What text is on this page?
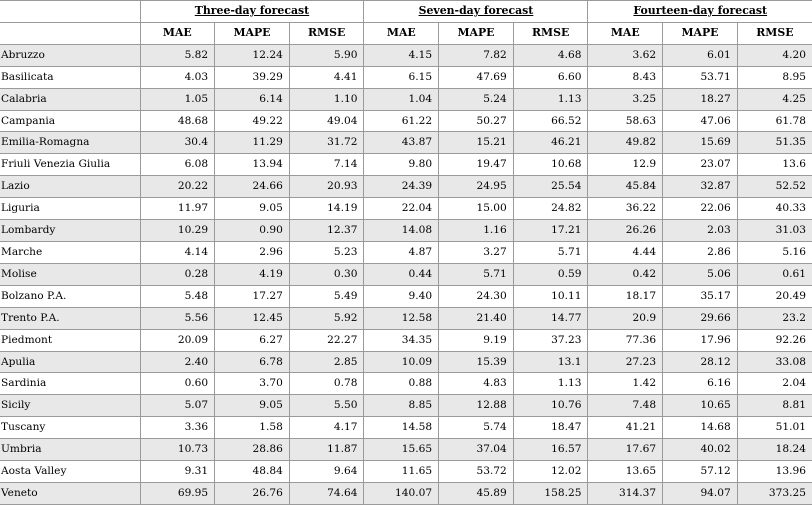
	Three-day forecast			Seven-day forecast			Fourteen-day forecast		
	MAE	MAPE	RMSE	MAE	MAPE	RMSE	MAE	MAPE	RMSE
Abruzzo	5.82	12.24	5.90	4.15	7.82	4.68	3.62	6.01	4.20
Basilicata	4.03	39.29	4.41	6.15	47.69	6.60	8.43	53.71	8.95
Calabria	1.05	6.14	1.10	1.04	5.24	1.13	3.25	18.27	4.25
Campania	48.68	49.22	49.04	61.22	50.27	66.52	58.63	47.06	61.78
Emilia-Romagna	30.4	11.29	31.72	43.87	15.21	46.21	49.82	15.69	51.35
Friuli Venezia Giulia	6.08	13.94	7.14	9.80	19.47	10.68	12.9	23.07	13.6
Lazio	20.22	24.66	20.93	24.39	24.95	25.54	45.84	32.87	52.52
Liguria	11.97	9.05	14.19	22.04	15.00	24.82	36.22	22.06	40.33
Lombardy	10.29	0.90	12.37	14.08	1.16	17.21	26.26	2.03	31.03
Marche	4.14	2.96	5.23	4.87	3.27	5.71	4.44	2.86	5.16
Molise	0.28	4.19	0.30	0.44	5.71	0.59	0.42	5.06	0.61
Bolzano P.A.	5.48	17.27	5.49	9.40	24.30	10.11	18.17	35.17	20.49
Trento P.A.	5.56	12.45	5.92	12.58	21.40	14.77	20.9	29.66	23.2
Piedmont	20.09	6.27	22.27	34.35	9.19	37.23	77.36	17.96	92.26
Apulia	2.40	6.78	2.85	10.09	15.39	13.1	27.23	28.12	33.08
Sardinia	0.60	3.70	0.78	0.88	4.83	1.13	1.42	6.16	2.04
Sicily	5.07	9.05	5.50	8.85	12.88	10.76	7.48	10.65	8.81
Tuscany	3.36	1.58	4.17	14.58	5.74	18.47	41.21	14.68	51.01
Umbria	10.73	28.86	11.87	15.65	37.04	16.57	17.67	40.02	18.24
Aosta Valley	9.31	48.84	9.64	11.65	53.72	12.02	13.65	57.12	13.96
Veneto	69.95	26.76	74.64	140.07	45.89	158.25	314.37	94.07	373.25
